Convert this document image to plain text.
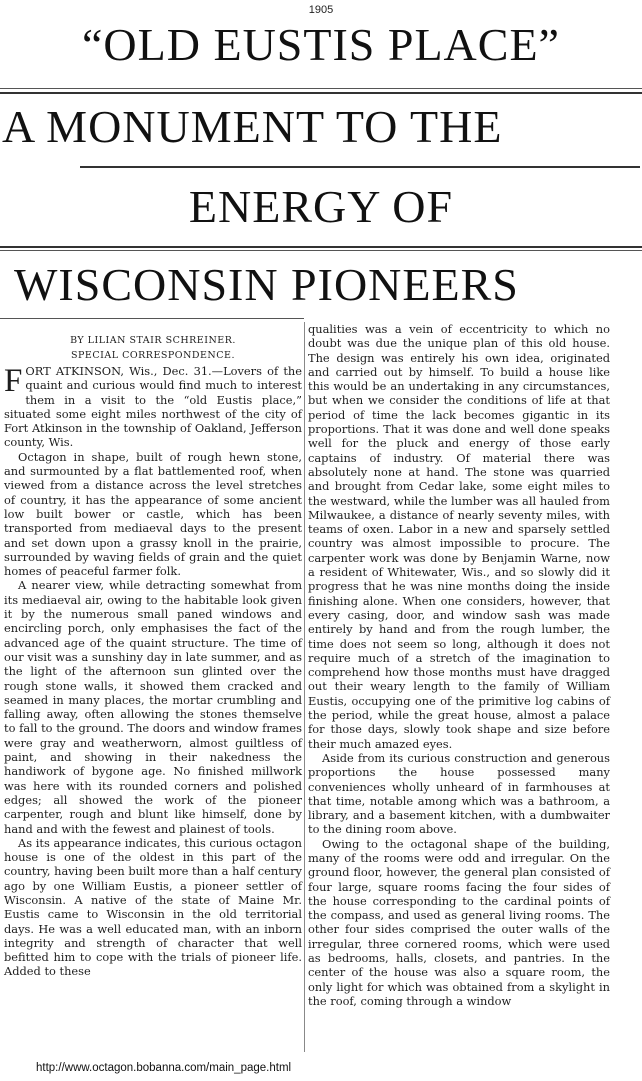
1905
“OLD EUSTIS PLACE”
A MONUMENT TO THE
ENERGY OF
WISCONSIN PIONEERS
BY LILIAN STAIR SCHREINER.
SPECIAL CORRESPONDENCE.

FORT ATKINSON, Wis., Dec. 31.—Lovers of the quaint and curious would find much to interest them in a visit to the “old Eustis place,” situated some eight miles northwest of the city of Fort Atkinson in the township of Oakland, Jefferson county, Wis.

Octagon in shape, built of rough hewn stone, and surmounted by a flat battlemented roof, when viewed from a distance across the level stretches of country, it has the appearance of some ancient low built bower or castle, which has been transported from mediaeval days to the present and set down upon a grassy knoll in the prairie, surrounded by waving fields of grain and the quiet homes of peaceful farmer folk.

A nearer view, while detracting somewhat from its mediaeval air, owing to the habitable look given it by the numerous small paned windows and encircling porch, only emphasises the fact of the advanced age of the quaint structure. The time of our visit was a sunshiny day in late summer, and as the light of the afternoon sun glinted over the rough stone walls, it showed them cracked and seamed in many places, the mortar crumbling and falling away, often allowing the stones themselve to fall to the ground. The doors and window frames were gray and weatherworn, almost guiltless of paint, and showing in their nakedness the handiwork of bygone age. No finished millwork was here with its rounded corners and polished edges; all showed the work of the pioneer carpenter, rough and blunt like himself, done by hand and with the fewest and plainest of tools.

As its appearance indicates, this curious octagon house is one of the oldest in this part of the country, having been built more than a half century ago by one William Eustis, a pioneer settler of Wisconsin. A native of the state of Maine Mr. Eustis came to Wisconsin in the old territorial days. He was a well educated man, with an inborn integrity and strength of character that well befitted him to cope with the trials of pioneer life. Added to these

qualities was a vein of eccentricity to which no doubt was due the unique plan of this old house. The design was entirely his own idea, originated and carried out by himself. To build a house like this would be an undertaking in any circumstances, but when we consider the conditions of life at that period of time the lack becomes gigantic in its proportions. That it was done and well done speaks well for the pluck and energy of those early captains of industry. Of material there was absolutely none at hand. The stone was quarried and brought from Cedar lake, some eight miles to the westward, while the lumber was all hauled from Milwaukee, a distance of nearly seventy miles, with teams of oxen. Labor in a new and sparsely settled country was almost impossible to procure. The carpenter work was done by Benjamin Warne, now a resident of Whitewater, Wis., and so slowly did it progress that he was nine months doing the inside finishing alone. When one considers, however, that every casing, door, and window sash was made entirely by hand and from the rough lumber, the time does not seem so long, although it does not require much of a stretch of the imagination to comprehend how those months must have dragged out their weary length to the family of William Eustis, occupying one of the primitive log cabins of the period, while the great house, almost a palace for those days, slowly took shape and size before their much amazed eyes.

Aside from its curious construction and generous proportions the house possessed many conveniences wholly unheard of in farmhouses at that time, notable among which was a bathroom, a library, and a basement kitchen, with a dumbwaiter to the dining room above.

Owing to the octagonal shape of the building, many of the rooms were odd and irregular. On the ground floor, however, the general plan consisted of four large, square rooms facing the four sides of the house corresponding to the cardinal points of the compass, and used as general living rooms. The other four sides comprised the outer walls of the irregular, three cornered rooms, which were used as bedrooms, halls, closets, and pantries. In the center of the house was also a square room, the only light for which was obtained from a skylight in the roof, coming through a window

http://www.octagon.bobanna.com/main_page.html
